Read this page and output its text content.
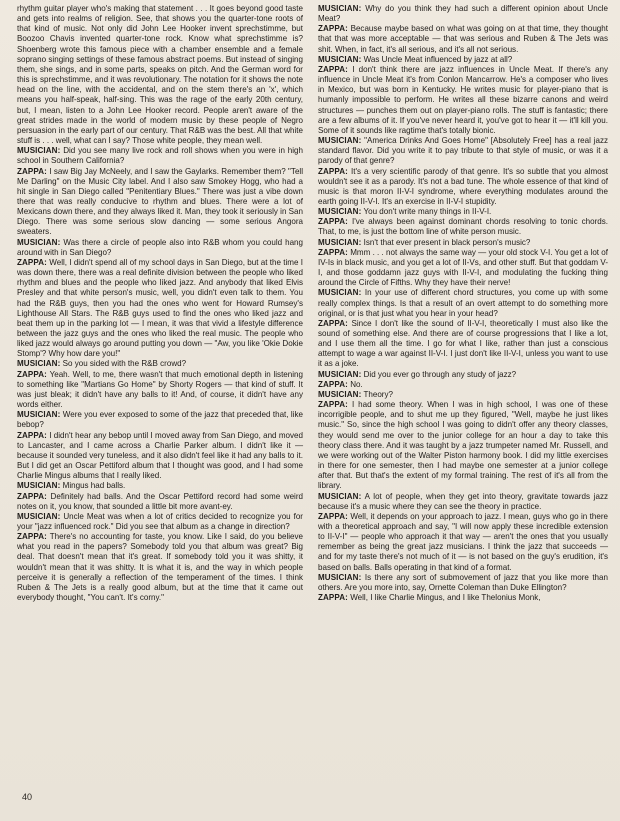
rhythm guitar player who's making that statement . . . It goes beyond good taste and gets into realms of religion. See, that shows you the quarter-tone roots of that kind of music. Not only did John Lee Hooker invent sprechstimme, but Boozoo Chavis invented quarter-tone rock. Know what sprechstimme is? Shoenberg wrote this famous piece with a chamber ensemble and a female soprano singing settings of these famous abstract poems. But instead of singing them, she sings, and in some parts, speaks on pitch. And the German word for this is sprechstimme, and it was revolutionary. The notation for it shows the note head on the line, with the accidental, and on the stem there's an 'x', which means you half-speak, half-sing. This was the rage of the early 20th century, but, I mean, listen to a John Lee Hooker record. People aren't aware of the great strides made in the world of modern music by these people of Negro persuasion in the early part of our century. That R&B was the best. All that white stuff is . . . well, what can I say? Those white people, they mean well.

MUSICIAN: Did you see many live rock and roll shows when you were in high school in Southern California?

ZAPPA: I saw Big Jay McNeely, and I saw the Gaylarks. Remember them? "Tell Me Darling" on the Music City label. And I also saw Smokey Hogg, who had a hit single in San Diego called "Penitentiary Blues." There was just a vibe down there that was really conducive to rhythm and blues. There were a lot of Mexicans down there, and they always liked it. Man, they took it seriously in San Diego. There was some serious slow dancing — some serious Angora sweaters.

MUSICIAN: Was there a circle of people also into R&B whom you could hang around with in San Diego?

ZAPPA: Well, I didn't spend all of my school days in San Diego, but at the time I was down there, there was a real definite division between the people who liked rhythm and blues and the people who liked jazz. And anybody that liked Elvis Presley and that white person's music, well, you didn't even talk to them. You had the R&B guys, then you had the ones who went for Howard Rumsey's Lighthouse All Stars. The R&B guys used to find the ones who liked jazz and beat them up in the parking lot — I mean, it was that vivid a lifestyle difference between the jazz guys and the ones who liked the real music. The people who liked jazz would always go around putting you down — "Aw, you like 'Okie Dokie Stomp'? Why how dare you!"

MUSICIAN: So you sided with the R&B crowd?

ZAPPA: Yeah. Well, to me, there wasn't that much emotional depth in listening to something like "Martians Go Home" by Shorty Rogers — that kind of stuff. It was just bleak; it didn't have any balls to it! And, of course, it didn't have any words either.

MUSICIAN: Were you ever exposed to some of the jazz that preceded that, like bebop?

ZAPPA: I didn't hear any bebop until I moved away from San Diego, and moved to Lancaster, and I came across a Charlie Parker album. I didn't like it — because it sounded very tuneless, and it also didn't feel like it had any balls to it. But I did get an Oscar Pettiford album that I thought was good, and I had some Charlie Mingus albums that I really liked.

MUSICIAN: Mingus had balls.

ZAPPA: Definitely had balls. And the Oscar Pettiford record had some weird notes on it, you know, that sounded a little bit more avant-ey.

MUSICIAN: Uncle Meat was when a lot of critics decided to recognize you for your "jazz influenced rock." Did you see that album as a change in direction?

ZAPPA: There's no accounting for taste, you know. Like I said, do you believe what you read in the papers? Somebody told you that album was great? Big deal. That doesn't mean that it's great. If somebody told you it was shitty, it wouldn't mean that it was shitty. It is what it is, and the way in which people perceive it is generally a reflection of the temperament of the times. I think Ruben & The Jets is a really good album, but at the time that it came out everybody thought, "You can't. It's corny."

MUSICIAN: Why do you think they had such a different opinion about Uncle Meat?

ZAPPA: Because maybe based on what was going on at that time, they thought that that was more acceptable — that was serious and Ruben & The Jets was shit. When, in fact, it's all serious, and it's all not serious.

MUSICIAN: Was Uncle Meat influenced by jazz at all?

ZAPPA: I don't think there are jazz influences in Uncle Meat. If there's any influence in Uncle Meat it's from Conlon Mancarrow. He's a composer who lives in Mexico, but was born in Kentucky. He writes music for player-piano that is humanly impossible to perform. He writes all these bizarre canons and weird structures — punches them out on player-piano rolls. The stuff is fantastic; there are a few albums of it. If you've never heard it, you've got to hear it — it'll kill you. Some of it sounds like ragtime that's totally bionic.

MUSICIAN: "America Drinks And Goes Home" [Absolutely Free] has a real jazz standard flavor. Did you write it to pay tribute to that style of music, or was it a parody of that genre?

ZAPPA: It's a very scientific parody of that genre. It's so subtle that you almost wouldn't see it as a parody. It's not a bad tune. The whole essence of that kind of music is that moron II-V-I syndrome, where everything modulates around the earth going II-V-I. It's an exercise in II-V-I stupidity.

MUSICIAN: You don't write many things in II-V-I.

ZAPPA: I've always been against dominant chords resolving to tonic chords. That, to me, is just the bottom line of white person music.

MUSICIAN: Isn't that ever present in black person's music?

ZAPPA: Mmm . . . not always the same way — your old stock V-I. You get a lot of IV-Is in black music, and you get a lot of II-Vs, and other stuff. But that goddam V-I, and those goddamn jazz guys with II-V-I, and modulating the fucking thing around the Circle of Fifths. Why they have their nerve!

MUSICIAN: In your use of different chord structures, you come up with some really complex things. Is that a result of an overt attempt to do something more original, or is that just what you hear in your head?

ZAPPA: Since I don't like the sound of II-V-I, theoretically I must also like the sound of something else. And there are of course progressions that I like a lot, and I use them all the time. I go for what I like, rather than just a conscious attempt to wage a war against II-V-I. I just don't like II-V-I, unless you want to use it as a joke.

MUSICIAN: Did you ever go through any study of jazz?

ZAPPA: No.

MUSICIAN: Theory?

ZAPPA: I had some theory. When I was in high school, I was one of these incorrigible people, and to shut me up they figured, "Well, maybe he just likes music." So, since the high school I was going to didn't offer any theory classes, they would send me over to the junior college for an hour a day to take this theory class there. And it was taught by a jazz trumpeter named Mr. Russell, and we were working out of the Walter Piston harmony book. I did my little exercises in there for one semester, then I had maybe one semester at a junior college after that. But that's the extent of my formal training. The rest of it's all from the library.

MUSICIAN: A lot of people, when they get into theory, gravitate towards jazz because it's a music where they can see the theory in practice.

ZAPPA: Well, it depends on your approach to jazz. I mean, guys who go in there with a theoretical approach and say, "I will now apply these incredible extension to II-V-I" — people who approach it that way — aren't the ones that you usually remember as being the great jazz musicians. I think the jazz that succeeds — and for my taste there's not much of it — is not based on the guy's erudition, it's based on balls. Balls operating in that kind of a format.

MUSICIAN: Is there any sort of submovement of jazz that you like more than others. Are you more into, say, Ornette Coleman than Duke Ellington?

ZAPPA: Well, I like Charlie Mingus, and I like Thelonius Monk,

40
